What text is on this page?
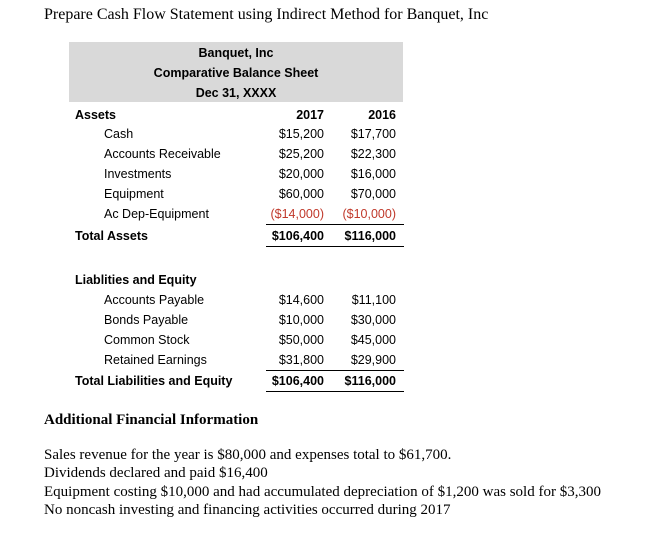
Prepare Cash Flow Statement using Indirect Method for Banquet, Inc
Banquet, Inc
Comparative Balance Sheet
Dec 31, XXXX
Assets	2017	2016
Cash	$15,200	$17,700
Accounts Receivable	$25,200	$22,300
Investments	$20,000	$16,000
Equipment	$60,000	$70,000
Ac Dep-Equipment	($14,000)	($10,000)
Total Assets	$106,400	$116,000
Liablities and Equity
Accounts Payable	$14,600	$11,100
Bonds Payable	$10,000	$30,000
Common Stock	$50,000	$45,000
Retained Earnings	$31,800	$29,900
Total Liabilities and Equity	$106,400	$116,000
Additional Financial Information
Sales revenue for the year is $80,000 and expenses total to $61,700.
Dividends declared and paid $16,400
Equipment costing $10,000 and had accumulated depreciation of $1,200 was sold for $3,300
No noncash investing and financing activities occurred during 2017
